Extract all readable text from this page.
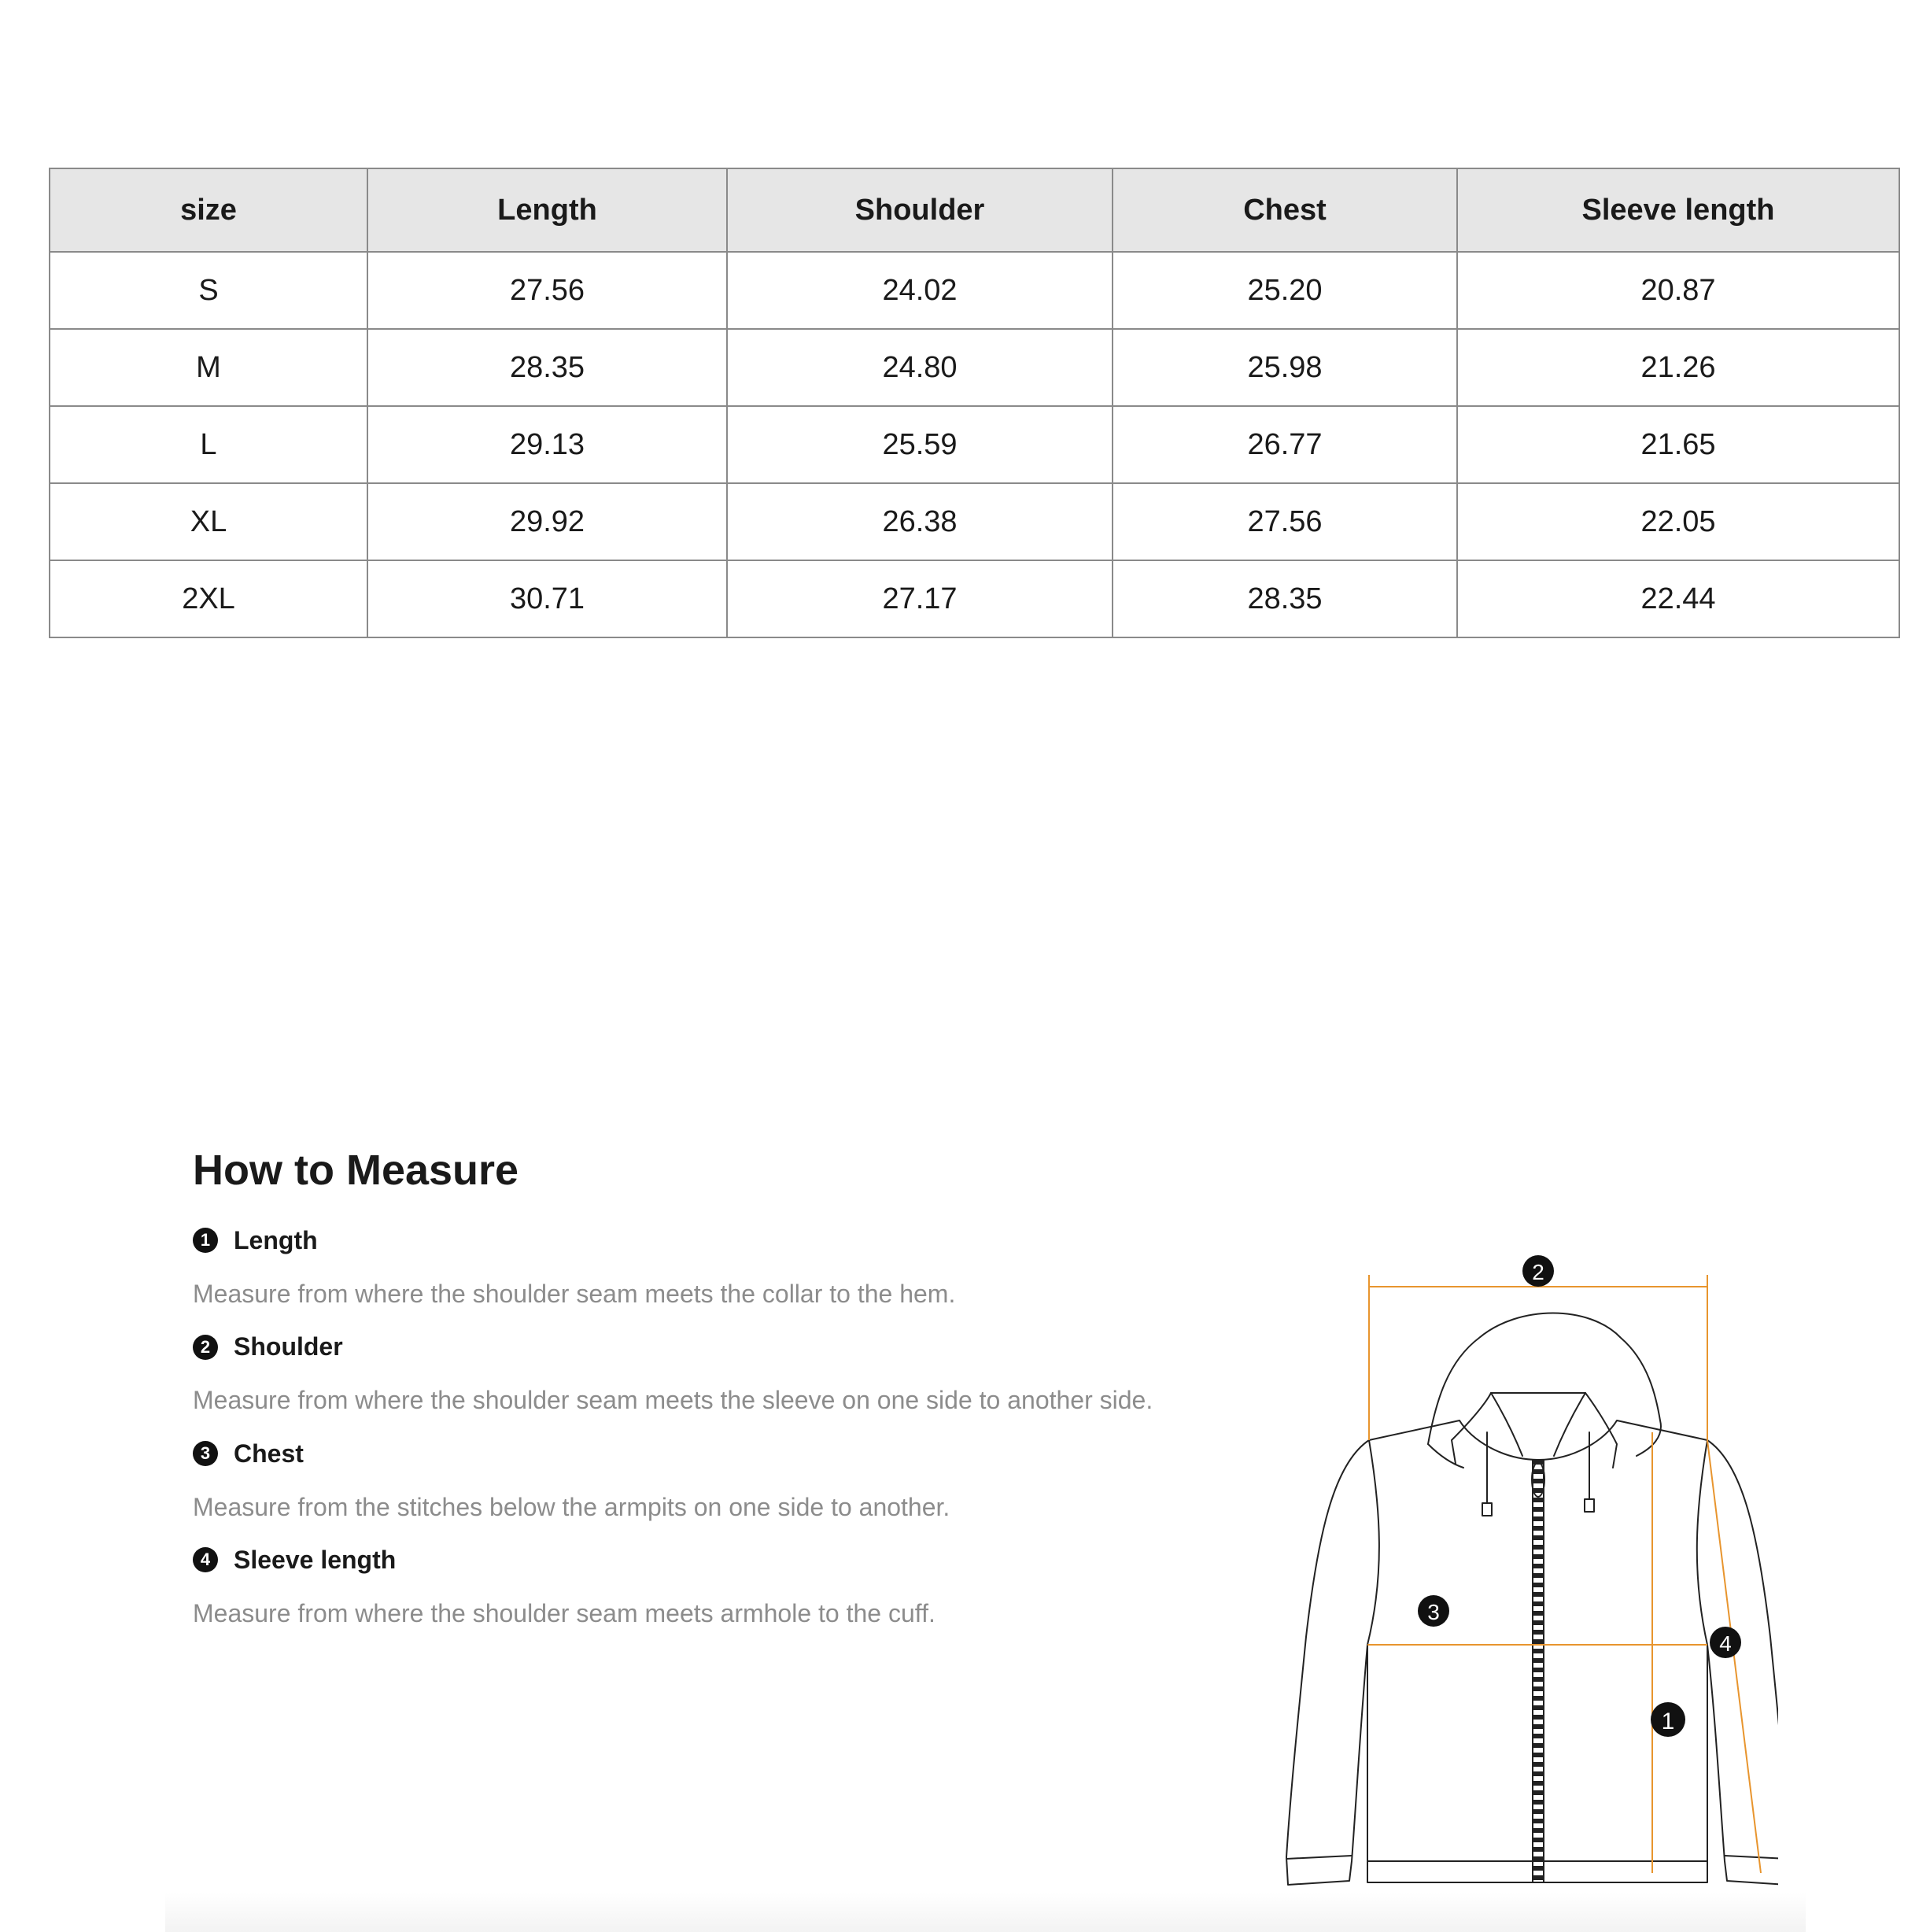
size	Length	Shoulder	Chest	Sleeve length
S	27.56	24.02	25.20	20.87
M	28.35	24.80	25.98	21.26
L	29.13	25.59	26.77	21.65
XL	29.92	26.38	27.56	22.05
2XL	30.71	27.17	28.35	22.44
How to Measure
1 Length
Measure from where the shoulder seam meets the collar to the hem.
2 Shoulder
Measure from where the shoulder seam meets the sleeve on one side to another side.
3 Chest
Measure from the stitches below the armpits on one side to another.
4 Sleeve length
Measure from where the shoulder seam meets armhole to the cuff.
2
3
4
1
